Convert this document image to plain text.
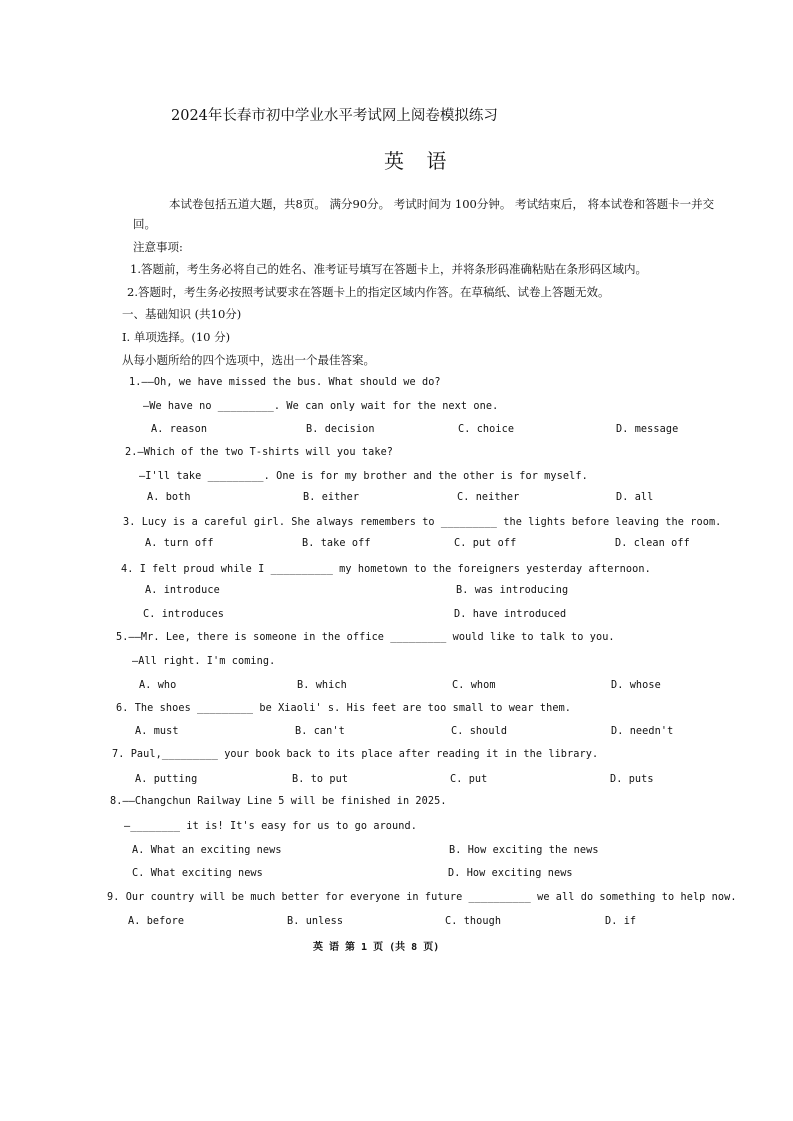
2024年长春市初中学业水平考试网上阅卷模拟练习
英 语
本试卷包括五道大题，共8页。 满分90分。 考试时间为 100分钟。 考试结束后， 将本试卷和答题卡一并交
回。
注意事项:
1.答题前，考生务必将自己的姓名、准考证号填写在答题卡上，并将条形码准确粘贴在条形码区域内。
2.答题时，考生务必按照考试要求在答题卡上的指定区域内作答。在草稿纸、试卷上答题无效。
一、基础知识 (共10分)
I. 单项选择。(10 分)
从每小题所给的四个选项中，选出一个最佳答案。
1.——Oh, we have missed the bus. What should we do?
—We have no _________. We can only wait for the next one.
A. reason	B. decision	C. choice	D. message
2.—Which of the two T-shirts will you take?
—I'll take _________. One is for my brother and the other is for myself.
A. both	B. either	C. neither	D. all
3. Lucy is a careful girl. She always remembers to _________ the lights before leaving the room.
A. turn off	B. take off	C. put off	D. clean off
4. I felt proud while I __________ my hometown to the foreigners yesterday afternoon.
A. introduce	B. was introducing
C. introduces	D. have introduced
5.——Mr. Lee, there is someone in the office _________ would like to talk to you.
—All right. I'm coming.
A. who	B. which	C. whom	D. whose
6. The shoes _________ be Xiaoli' s. His feet are too small to wear them.
A. must	B. can't	C. should	D. needn't
7. Paul,_________ your book back to its place after reading it in the library.
A. putting	B. to put	C. put	D. puts
8.——Changchun Railway Line 5 will be finished in 2025.
—________ it is! It's easy for us to go around.
A. What an exciting news	B. How exciting the news
C. What exciting news	D. How exciting news
9. Our country will be much better for everyone in future __________ we all do something to help now.
A. before	B. unless	C. though	D. if
英 语 第 1 页 (共 8 页)
